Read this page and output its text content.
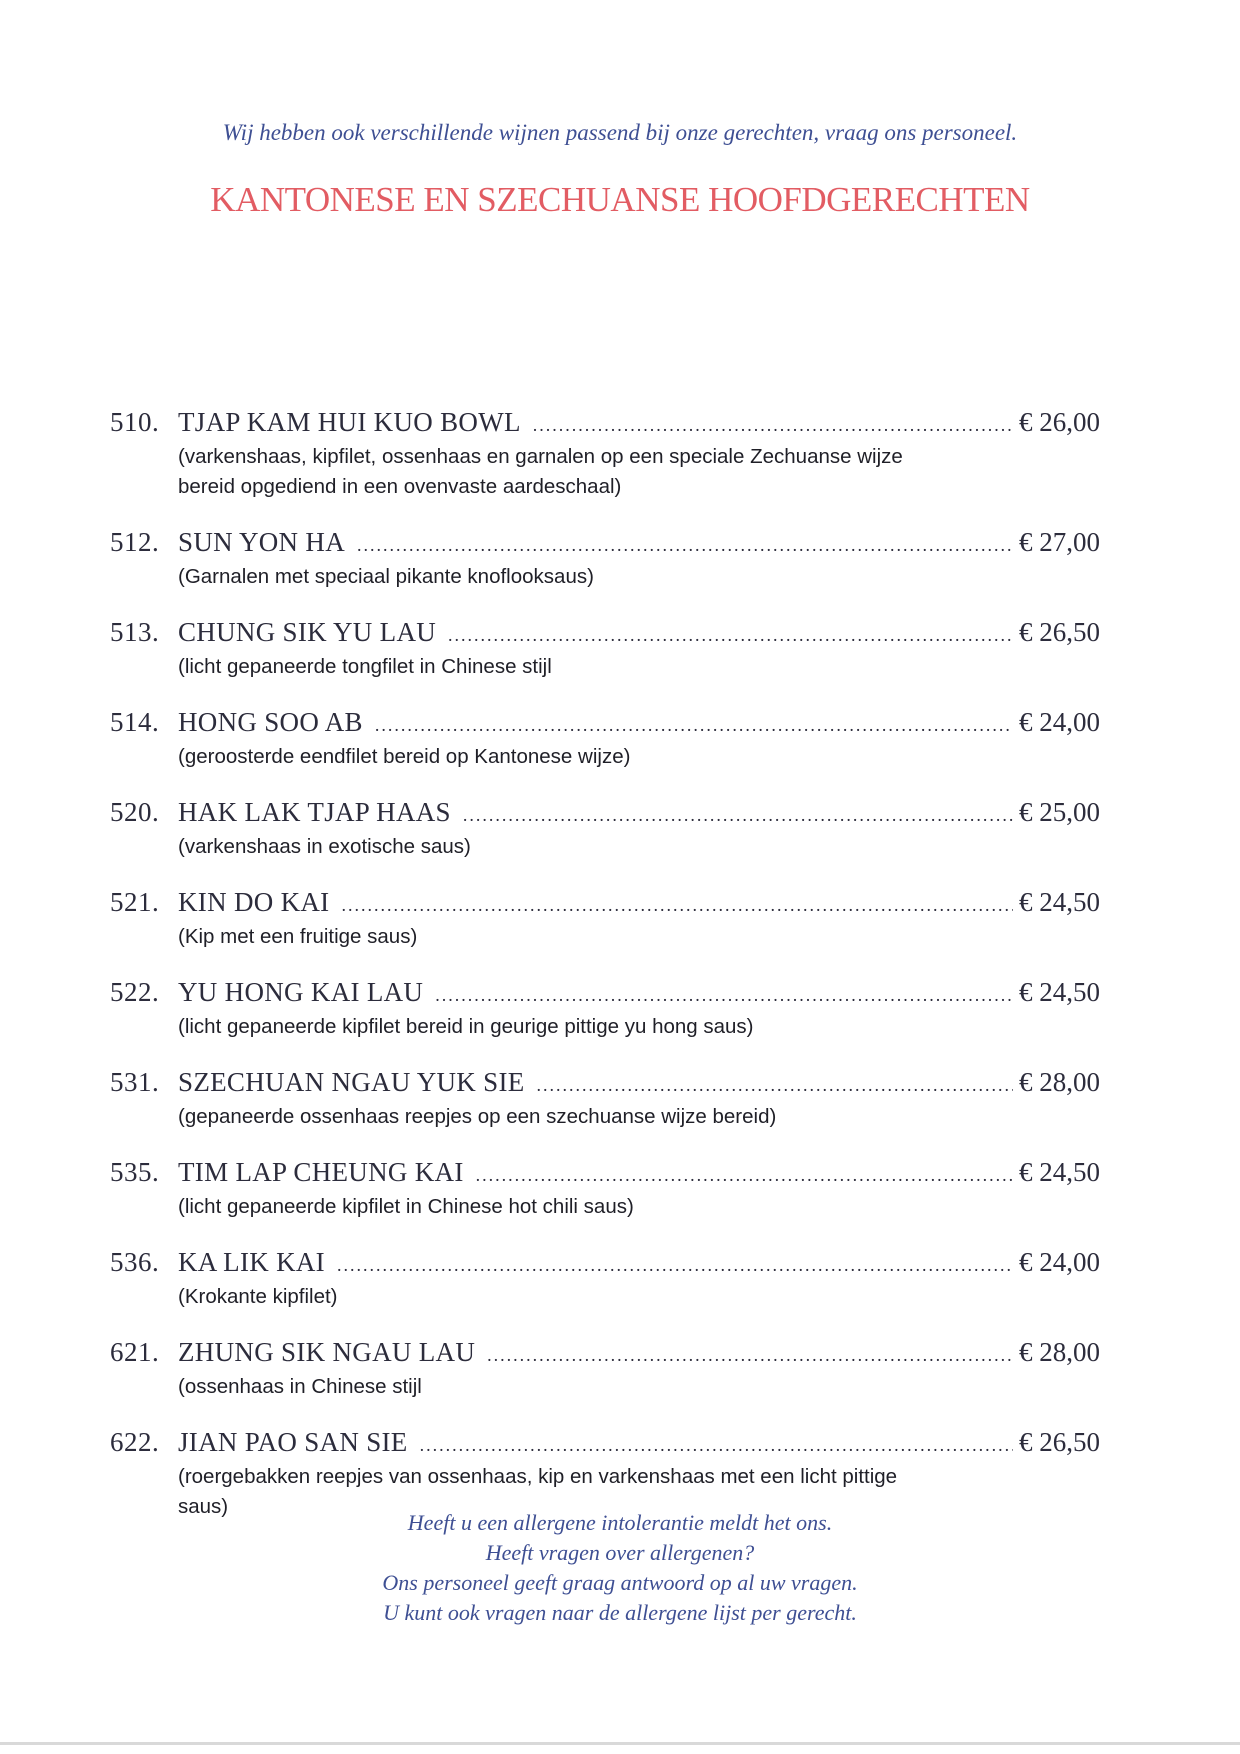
Wij hebben ook verschillende wijnen passend bij onze gerechten, vraag ons personeel.
KANTONESE EN SZECHUANSE HOOFDGERECHTEN
510. TJAP KAM HUI KUO BOWL .....	€ 26,00
(varkenshaas, kipfilet, ossenhaas en garnalen op een speciale Zechuanse wijze bereid opgediend in een ovenvaste aardeschaal)
512. SUN YON HA .....	€ 27,00
(Garnalen met speciaal pikante knoflooksaus)
513. CHUNG SIK YU LAU .....	€ 26,50
(licht gepaneerde tongfilet in Chinese stijl
514. HONG SOO AB .....	€ 24,00
(geroosterde eendfilet bereid op Kantonese wijze)
520. HAK LAK TJAP HAAS .....	€ 25,00
(varkenshaas in exotische saus)
521. KIN DO KAI .....	€ 24,50
(Kip met een fruitige saus)
522. YU HONG KAI LAU .....	€ 24,50
(licht gepaneerde kipfilet bereid in geurige pittige yu hong saus)
531. SZECHUAN NGAU YUK SIE .....	€ 28,00
(gepaneerde ossenhaas reepjes op een szechuanse wijze bereid)
535. TIM LAP CHEUNG KAI .....	€ 24,50
(licht gepaneerde kipfilet in Chinese hot chili saus)
536. KA LIK KAI .....	€ 24,00
(Krokante kipfilet)
621. ZHUNG SIK NGAU LAU .....	€ 28,00
(ossenhaas in Chinese stijl
622. JIAN PAO SAN SIE .....	€ 26,50
(roergebakken reepjes van ossenhaas, kip en varkenshaas met een licht pittige saus)
Heeft u een allergene intolerantie meldt het ons.
Heeft vragen over allergenen?
Ons personeel geeft graag antwoord op al uw vragen.
U kunt ook vragen naar de allergene lijst per gerecht.
